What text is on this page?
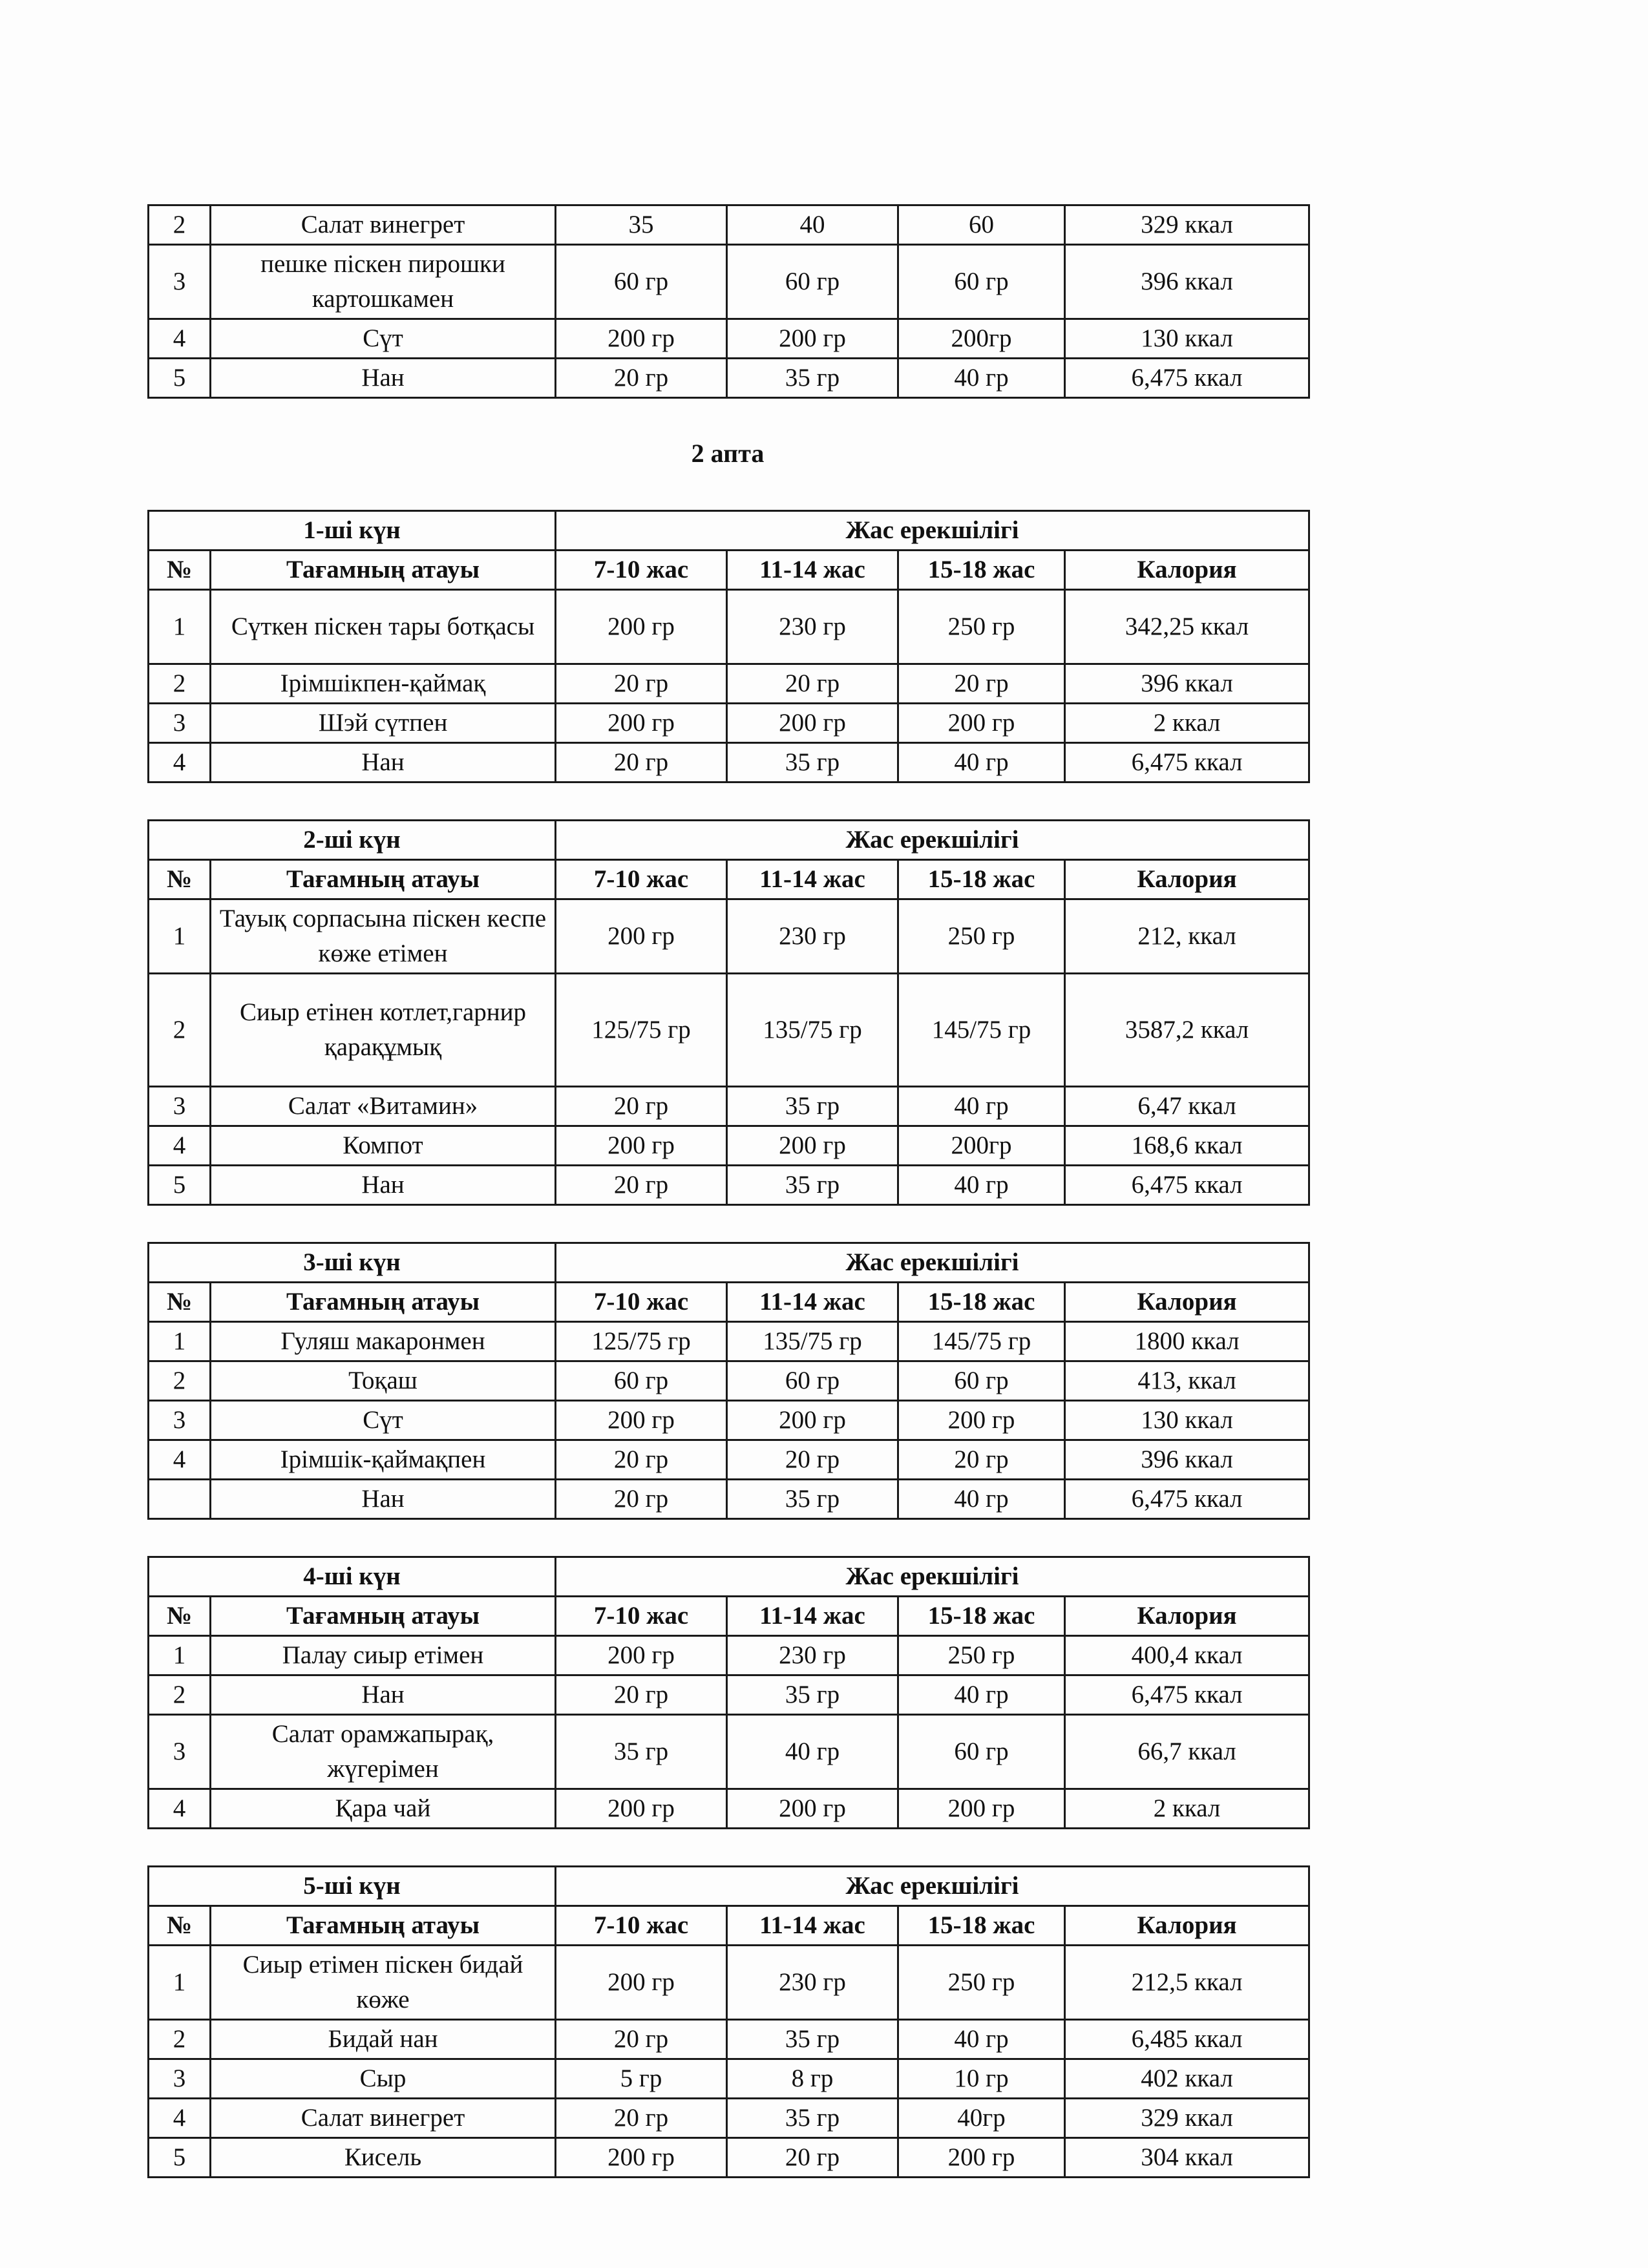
2	Салат винегрет	35	40	60	329 ккал
3	пешке піскен пирошки картошкамен	60 гр	60 гр	60 гр	396 ккал
4	Сүт	200 гр	200 гр	200гр	130 ккал
5	Нан	20 гр	35 гр	40 гр	6,475 ккал
2 апта
1-ші күн		Жас ерекшілігі			
№	Тағамның атауы	7-10 жас	11-14 жас	15-18 жас	Калория
1	Сүткен піскен тары ботқасы	200 гр	230 гр	250 гр	342,25 ккал
2	Ірімшікпен-қаймақ	20 гр	20 гр	20 гр	396 ккал
3	Шэй сүтпен	200 гр	200 гр	200 гр	2 ккал
4	Нан	20 гр	35 гр	40 гр	6,475 ккал
2-ші күн		Жас ерекшілігі			
№	Тағамның атауы	7-10 жас	11-14 жас	15-18 жас	Калория
1	Тауық сорпасына піскен кеспе көже етімен	200 гр	230 гр	250 гр	212, ккал
2	Сиыр етінен котлет,гарнир қарақұмық	125/75 гр	135/75 гр	145/75 гр	3587,2 ккал
3	Салат «Витамин»	20 гр	35 гр	40 гр	6,47 ккал
4	Компот	200 гр	200 гр	200гр	168,6 ккал
5	Нан	20 гр	35 гр	40 гр	6,475 ккал
3-ші күн		Жас ерекшілігі			
№	Тағамның атауы	7-10 жас	11-14 жас	15-18 жас	Калория
1	Гуляш макаронмен	125/75 гр	135/75 гр	145/75 гр	1800 ккал
2	Тоқаш	60 гр	60 гр	60 гр	413, ккал
3	Сүт	200 гр	200 гр	200 гр	130 ккал
4	Ірімшік-қаймақпен	20 гр	20 гр	20 гр	396 ккал
	Нан	20 гр	35 гр	40 гр	6,475 ккал
4-ші күн		Жас ерекшілігі			
№	Тағамның атауы	7-10 жас	11-14 жас	15-18 жас	Калория
1	Палау сиыр етімен	200 гр	230 гр	250 гр	400,4 ккал
2	Нан	20 гр	35 гр	40 гр	6,475 ккал
3	Салат орамжапырақ, жүгерімен	35 гр	40 гр	60 гр	66,7 ккал
4	Қара чай	200 гр	200 гр	200 гр	2 ккал
5-ші күн		Жас ерекшілігі			
№	Тағамның атауы	7-10 жас	11-14 жас	15-18 жас	Калория
1	Сиыр етімен піскен бидай көже	200 гр	230 гр	250 гр	212,5 ккал
2	Бидай нан	20 гр	35 гр	40 гр	6,485 ккал
3	Сыр	5 гр	8 гр	10 гр	402 ккал
4	Салат винегрет	20 гр	35 гр	40гр	329 ккал
5	Кисель	200 гр	20 гр	200 гр	304 ккал
